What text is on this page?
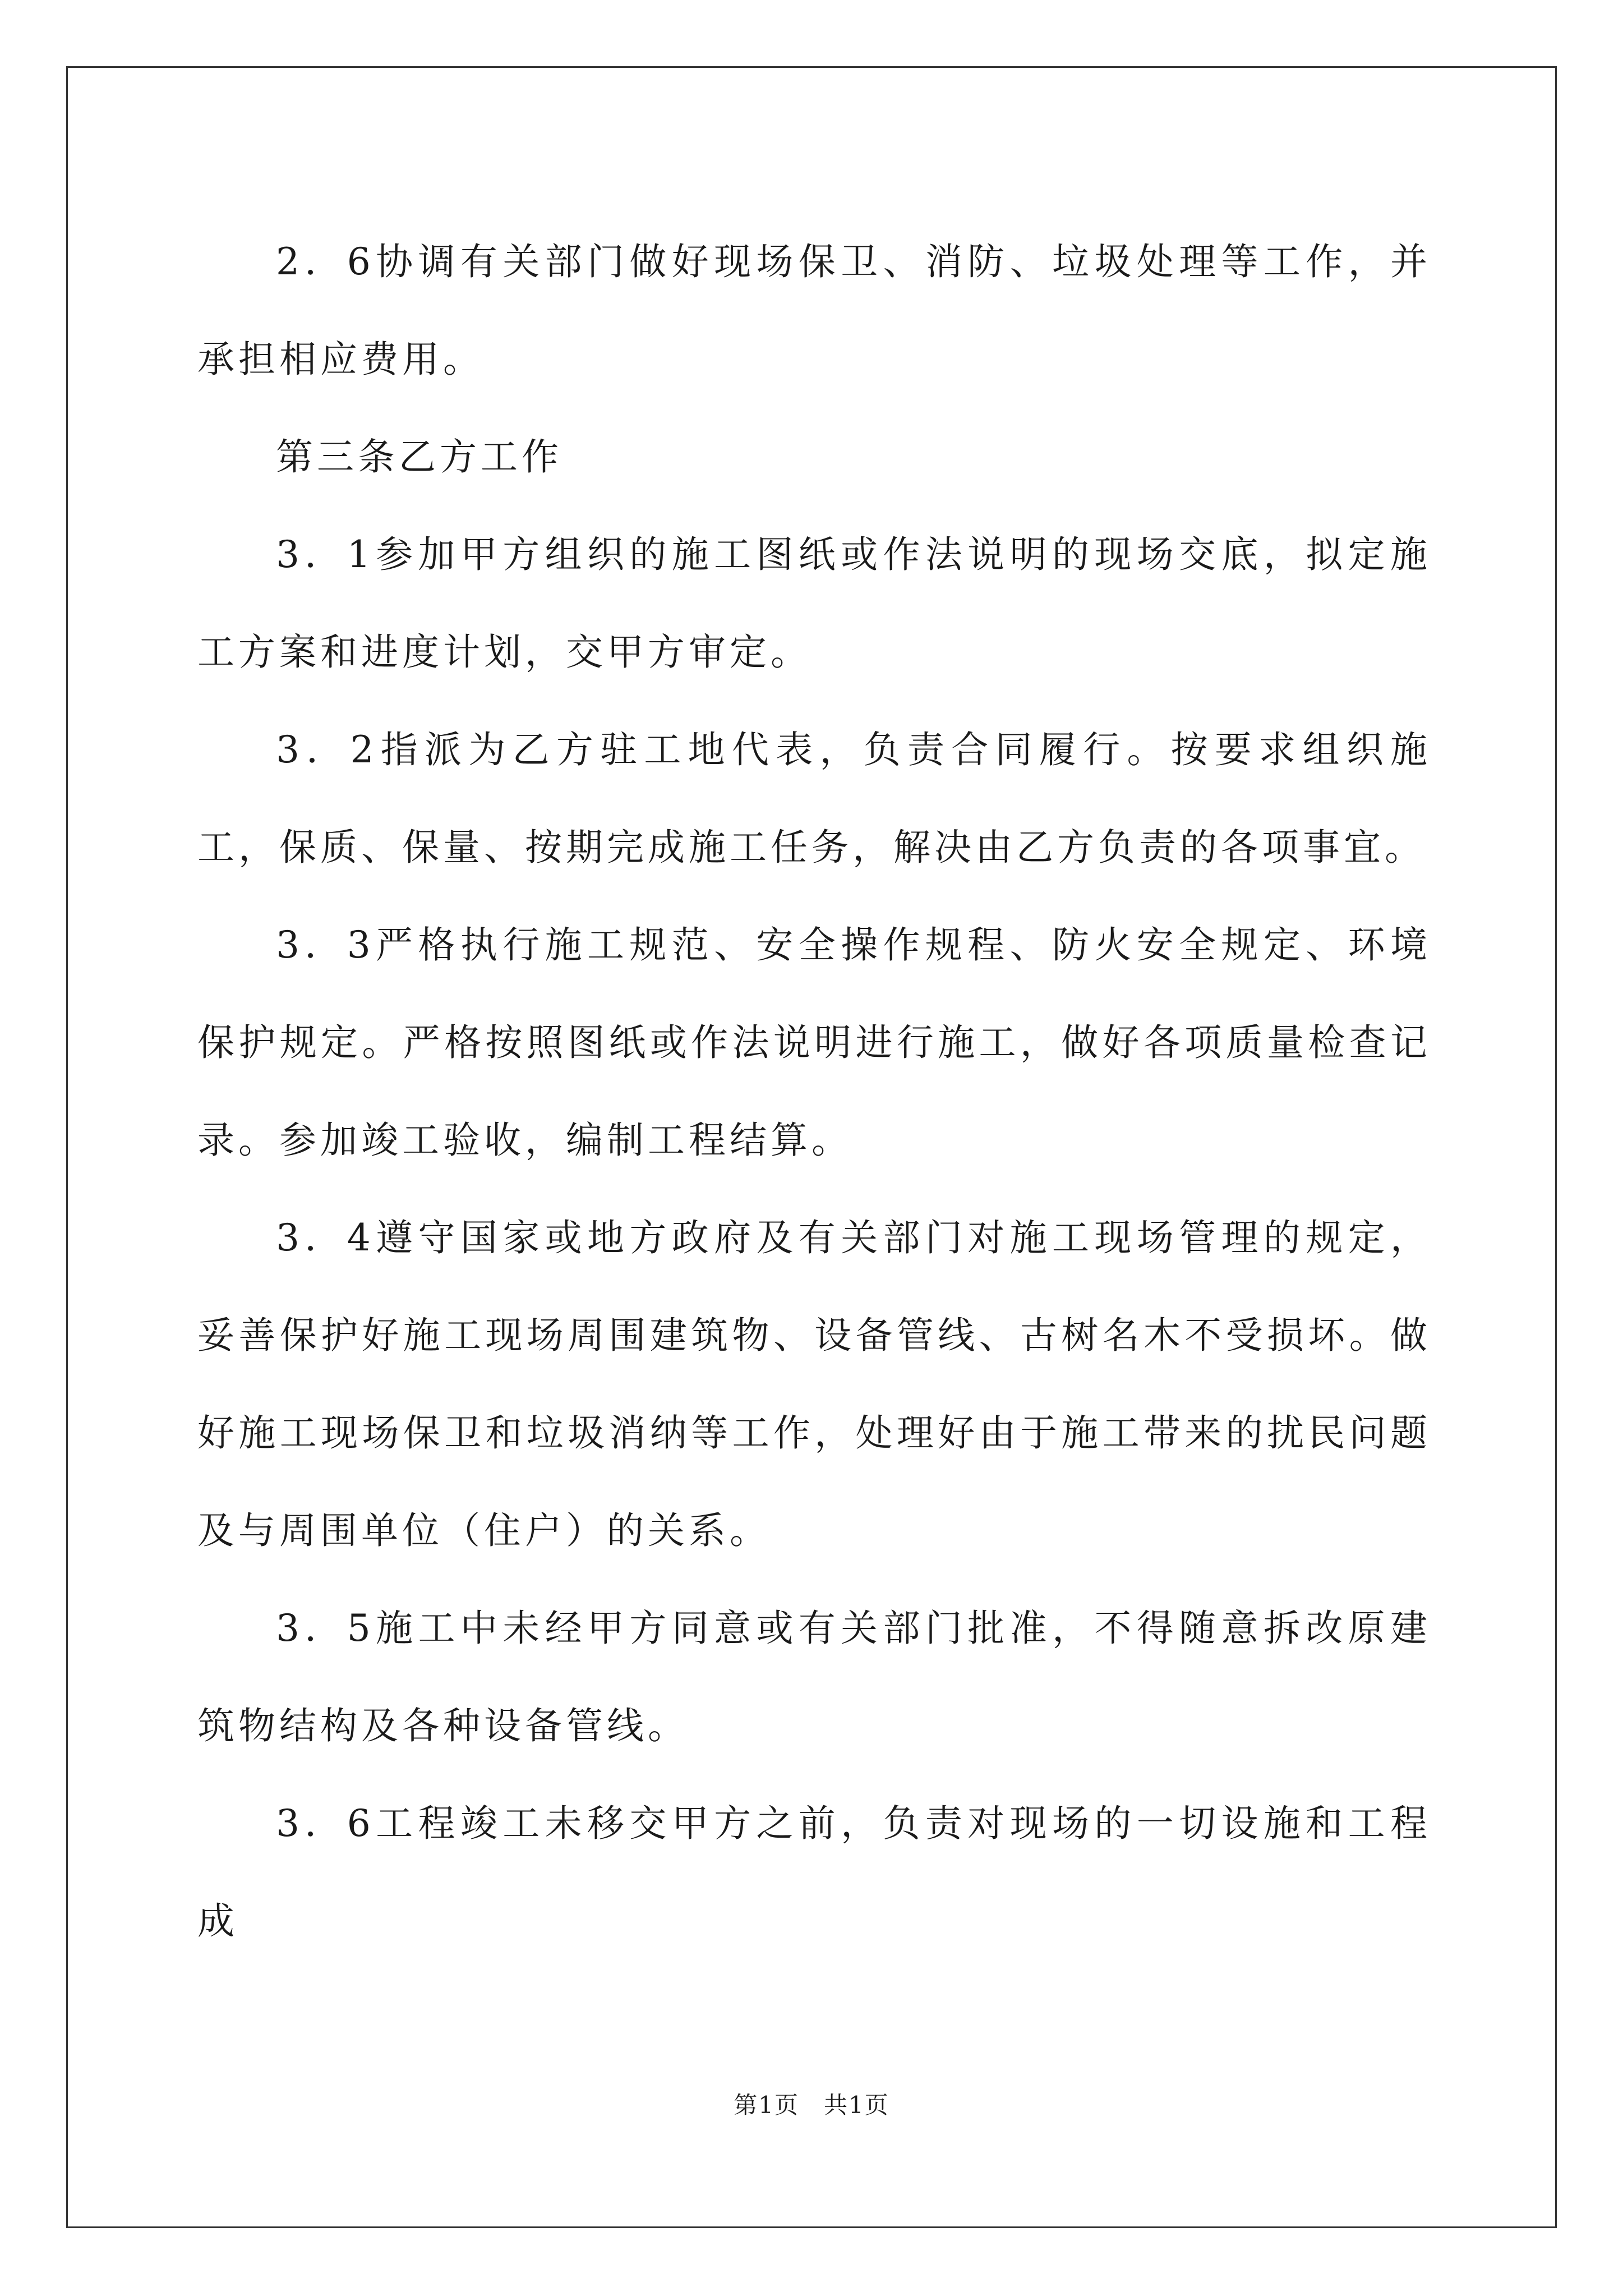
2．6协调有关部门做好现场保卫、消防、垃圾处理等工作，并承担相应费用。

第三条乙方工作

3．1参加甲方组织的施工图纸或作法说明的现场交底，拟定施工方案和进度计划，交甲方审定。

3．2指派为乙方驻工地代表，负责合同履行。按要求组织施工，保质、保量、按期完成施工任务，解决由乙方负责的各项事宜。

3．3严格执行施工规范、安全操作规程、防火安全规定、环境保护规定。严格按照图纸或作法说明进行施工，做好各项质量检查记录。参加竣工验收，编制工程结算。

3．4遵守国家或地方政府及有关部门对施工现场管理的规定，妥善保护好施工现场周围建筑物、设备管线、古树名木不受损坏。做好施工现场保卫和垃圾消纳等工作，处理好由于施工带来的扰民问题及与周围单位（住户）的关系。

3．5施工中未经甲方同意或有关部门批准，不得随意拆改原建筑物结构及各种设备管线。

3．6工程竣工未移交甲方之前，负责对现场的一切设施和工程成

第1页　共1页
